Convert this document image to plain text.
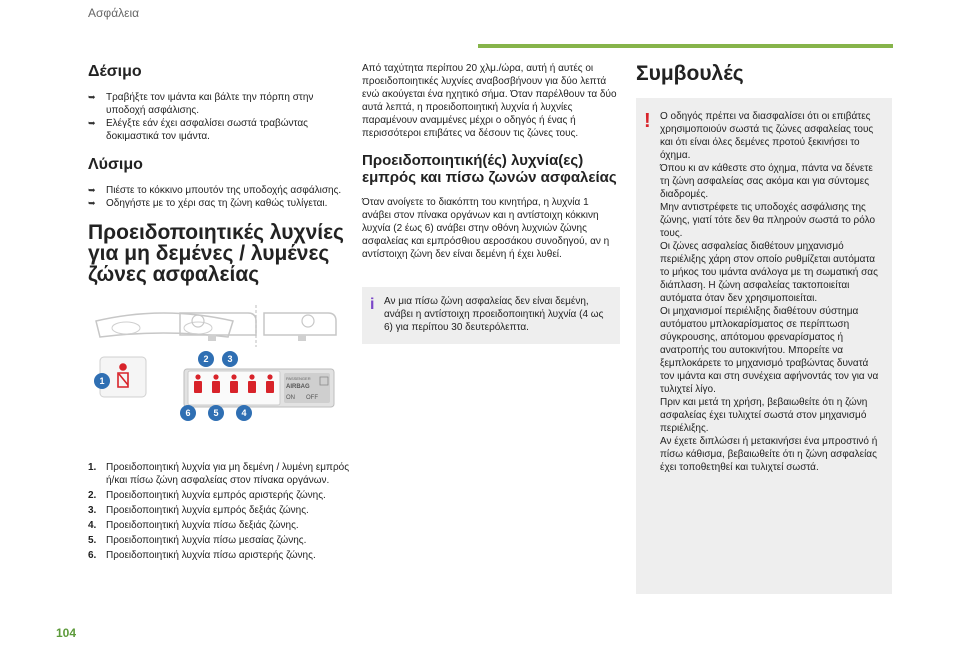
Ασφάλεια
104
Δέσιμο
➥ Τραβήξτε τον ιμάντα και βάλτε την πόρπη στην υποδοχή ασφάλισης.
➥ Ελέγξτε εάν έχει ασφαλίσει σωστά τραβώντας δοκιμαστικά τον ιμάντα.
Λύσιμο
➥ Πιέστε το κόκκινο μπουτόν της υποδοχής ασφάλισης.
➥ Οδηγήστε με το χέρι σας τη ζώνη καθώς τυλίγεται.
Προειδοποιητικές λυχνίες για μη δεμένες / λυμένες ζώνες ασφαλείας
PASSENGER
AIRBAG
ON OFF
1
2 3
4
5
6
1. Προειδοποιητική λυχνία για μη δεμένη / λυμένη εμπρός ή/και πίσω ζώνη ασφαλείας στον πίνακα οργάνων.
2. Προειδοποιητική λυχνία εμπρός αριστερής ζώνης.
3. Προειδοποιητική λυχνία εμπρός δεξιάς ζώνης.
4. Προειδοποιητική λυχνία πίσω δεξιάς ζώνης.
5. Προειδοποιητική λυχνία πίσω μεσαίας ζώνης.
6. Προειδοποιητική λυχνία πίσω αριστερής ζώνης.

Από ταχύτητα περίπου 20 χλμ./ώρα, αυτή ή αυτές οι προειδοποιητικές λυχνίες αναβοσβήνουν για δύο λεπτά ενώ ακούγεται ένα ηχητικό σήμα. Όταν παρέλθουν τα δύο αυτά λεπτά, η προειδοποιητική λυχνία ή λυχνίες παραμένουν αναμμένες μέχρι ο οδηγός ή ένας ή περισσότεροι επιβάτες να δέσουν τις ζώνες τους.

Προειδοποιητική(ές) λυχνία(ες) εμπρός και πίσω ζωνών ασφαλείας

Όταν ανοίγετε το διακόπτη του κινητήρα, η λυχνία 1 ανάβει στον πίνακα οργάνων και η αντίστοιχη κόκκινη λυχνία (2 έως 6) ανάβει στην οθόνη λυχνιών ζώνης ασφαλείας και εμπρόσθιου αεροσάκου συνοδηγού, αν η αντίστοιχη ζώνη δεν είναι δεμένη ή έχει λυθεί.

i Αν μια πίσω ζώνη ασφαλείας δεν είναι δεμένη, ανάβει η αντίστοιχη προειδοποιητική λυχνία (4 ως 6) για περίπου 30 δευτερόλεπτα.

Συμβουλές
! Ο οδηγός πρέπει να διασφαλίσει ότι οι επιβάτες χρησιμοποιούν σωστά τις ζώνες ασφαλείας τους και ότι είναι όλες δεμένες προτού ξεκινήσει το όχημα.

Όπου κι αν κάθεστε στο όχημα, πάντα να δένετε τη ζώνη ασφαλείας σας ακόμα και για σύντομες διαδρομές.

Μην αντιστρέφετε τις υποδοχές ασφάλισης της ζώνης, γιατί τότε δεν θα πληρούν σωστά το ρόλο τους.

Οι ζώνες ασφαλείας διαθέτουν μηχανισμό περιέλιξης χάρη στον οποίο ρυθμίζεται αυτόματα το μήκος του ιμάντα ανάλογα με τη σωματική σας διάπλαση. Η ζώνη ασφαλείας τακτοποιείται αυτόματα όταν δεν χρησιμοποιείται.

Οι μηχανισμοί περιέλιξης διαθέτουν σύστημα αυτόματου μπλοκαρίσματος σε περίπτωση σύγκρουσης, απότομου φρεναρίσματος ή ανατροπής του αυτοκινήτου. Μπορείτε να ξεμπλοκάρετε το μηχανισμό τραβώντας δυνατά τον ιμάντα και στη συνέχεια αφήνοντάς τον για να τυλιχτεί λίγο.

Πριν και μετά τη χρήση, βεβαιωθείτε ότι η ζώνη ασφαλείας έχει τυλιχτεί σωστά στον μηχανισμό περιέλιξης.

Αν έχετε διπλώσει ή μετακινήσει ένα μπροστινό ή πίσω κάθισμα, βεβαιωθείτε ότι η ζώνη ασφαλείας έχει τοποθετηθεί και τυλιχτεί σωστά.
